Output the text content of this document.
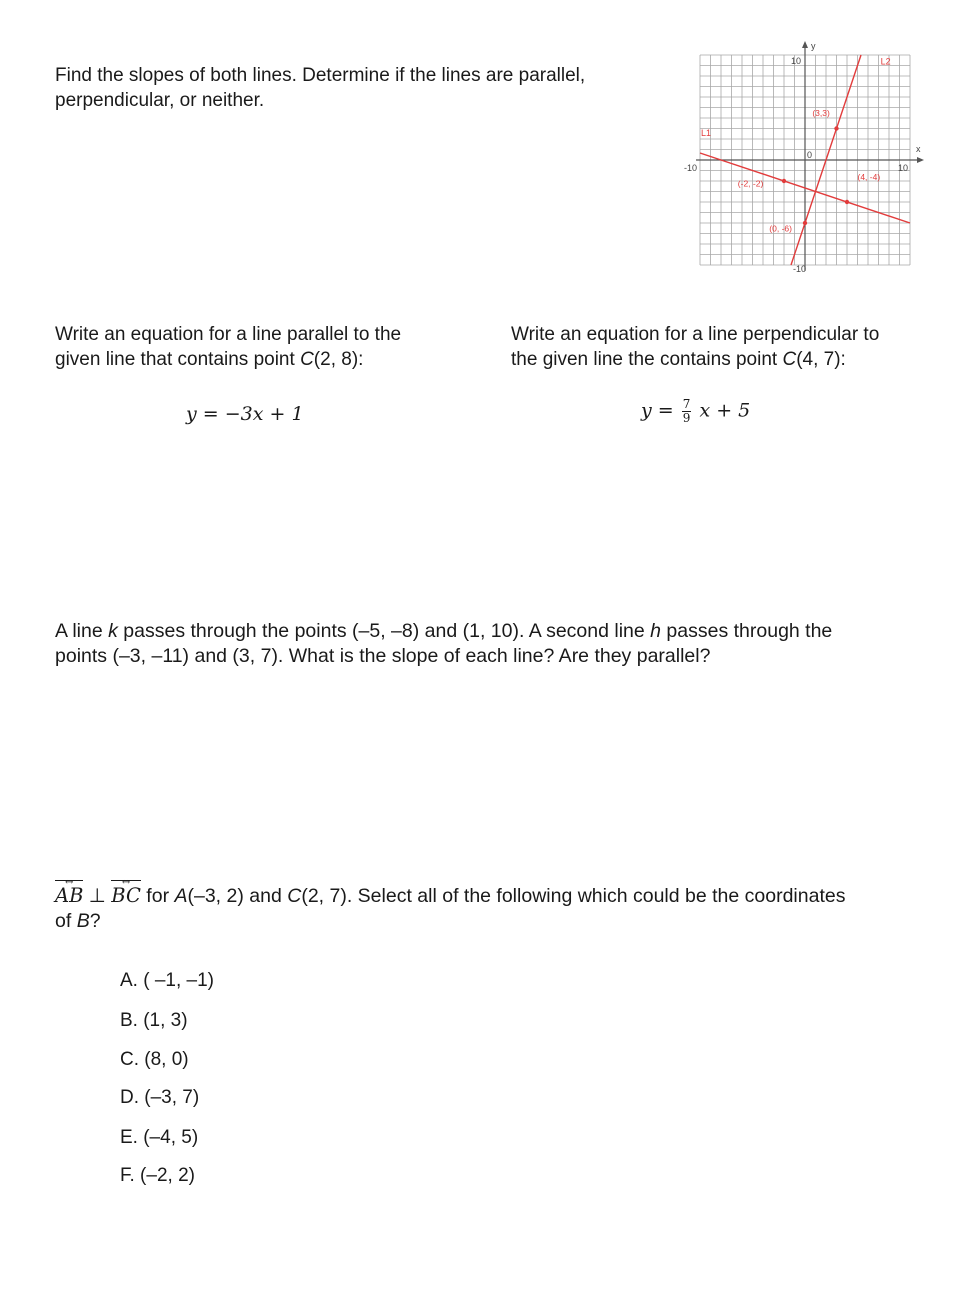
Find the slopes of both lines. Determine if the lines are parallel,
perpendicular, or neither.
y
x
10
-10
-10	10
0
L1
L2
(3,3)
(-2, -2)
(4, -4)
(0, -6)
Write an equation for a line parallel to the
given line that contains point C(2, 8):
y = −3x + 1
Write an equation for a line perpendicular to
the given line the contains point C(4, 7):
$y = \frac{7}{9}$ x + 5
A line k passes through the points (–5, –8) and (1, 10). A second line h passes through the
points (–3, –11) and (3, 7). What is the slope of each line? Are they parallel?
AB ↔ ⊥ BC ↔ for A(–3, 2) and C(2, 7). Select all of the following which could be the coordinates
of B?
A. ( –1, –1)
B. (1, 3)
C. (8, 0)
D. (–3, 7)
E. (–4, 5)
F. (–2, 2)
